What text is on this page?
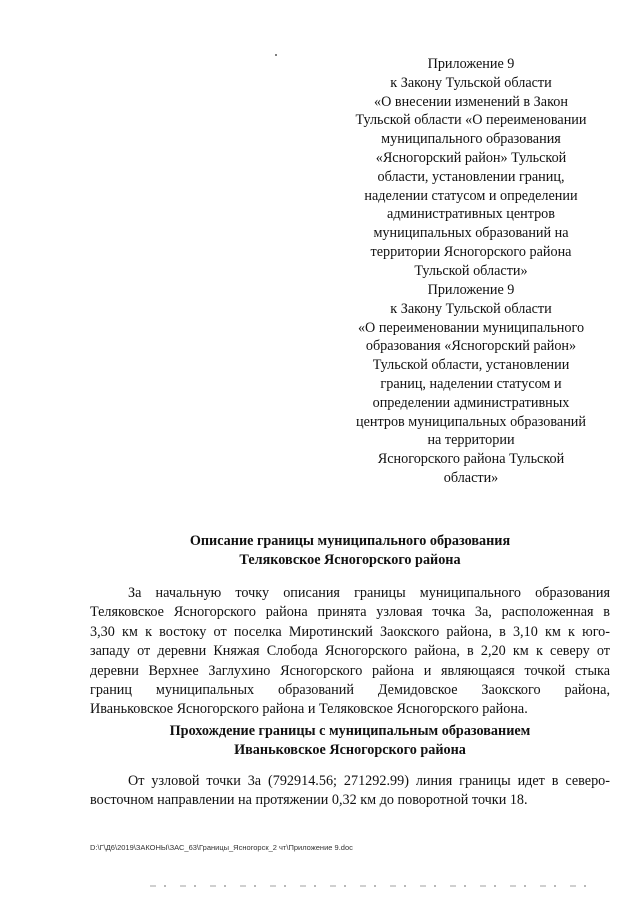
Приложение 9
к Закону Тульской области
«О внесении изменений в Закон
Тульской области «О переименовании
муниципального образования
«Ясногорский район» Тульской
области, установлении границ,
наделении статусом и определении
административных центров
муниципальных образований на
территории Ясногорского района
Тульской области»
Приложение 9
к Закону Тульской области
«О переименовании муниципального
образования «Ясногорский район»
Тульской области, установлении
границ, наделении статусом и
определении административных
центров муниципальных образований
на территории
Ясногорского района Тульской
области»
Описание границы муниципального образования
Теляковское Ясногорского района
За начальную точку описания границы муниципального образования
Теляковское Ясногорского района принята узловая точка 3а, расположенная в
3,30 км к востоку от поселка Миротинский Заокского района, в 3,10 км к юго-
западу от деревни Княжая Слобода Ясногорского района, в 2,20 км к северу от
деревни Верхнее Заглухино Ясногорского района и являющаяся точкой стыка
границ муниципальных образований Демидовское Заокского района,
Иваньковское Ясногорского района и Теляковское Ясногорского района.
Прохождение границы с муниципальным образованием
Иваньковское Ясногорского района
От узловой точки 3а (792914.56; 271292.99) линия границы идет в северо-
восточном направлении на протяжении 0,32 км до поворотной точки 18.
D:\Г\Д6\2019\ЗАКОНЫ\ЗАС_63\Границы_Ясногорск_2 чт\Приложение 9.doc
